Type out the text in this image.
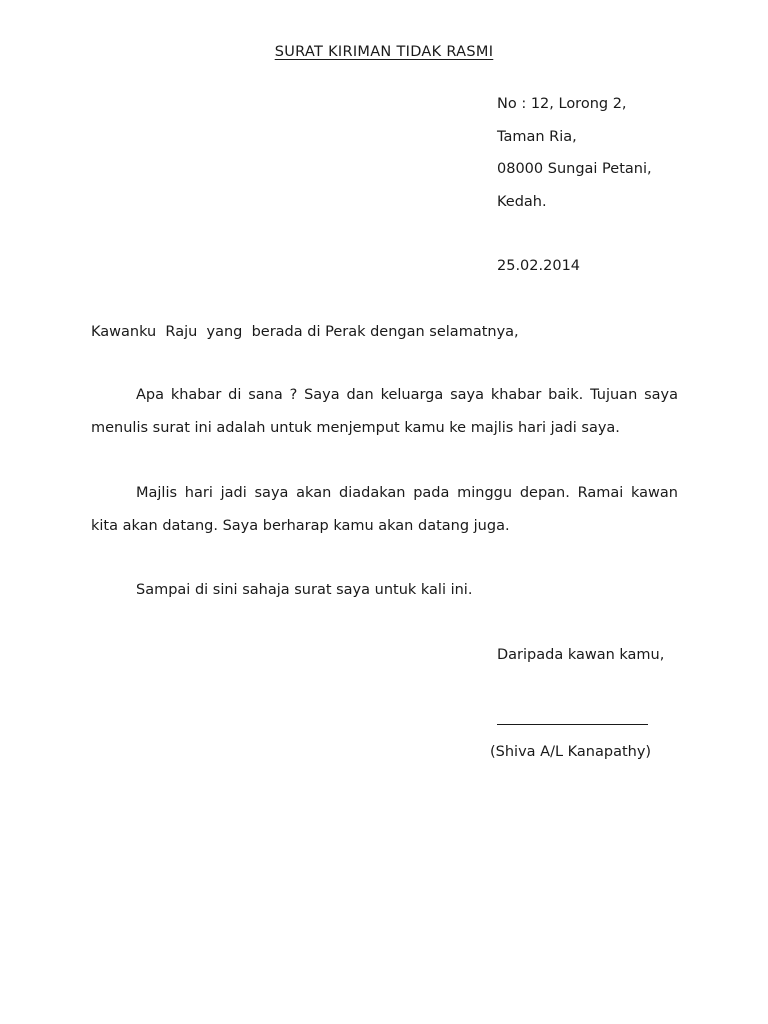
SURAT KIRIMAN TIDAK RASMI
No : 12, Lorong 2,
Taman Ria,
08000 Sungai Petani,
Kedah.
25.02.2014
Kawanku  Raju  yang  berada di Perak dengan selamatnya,
Apa khabar di sana ? Saya dan keluarga saya khabar baik. Tujuan saya menulis surat ini adalah untuk menjemput kamu ke majlis hari jadi saya.
Majlis hari jadi saya akan diadakan pada minggu depan. Ramai kawan kita akan datang. Saya berharap kamu akan datang juga.
Sampai di sini sahaja surat saya untuk kali ini.
Daripada kawan kamu,
(Shiva A/L Kanapathy)
